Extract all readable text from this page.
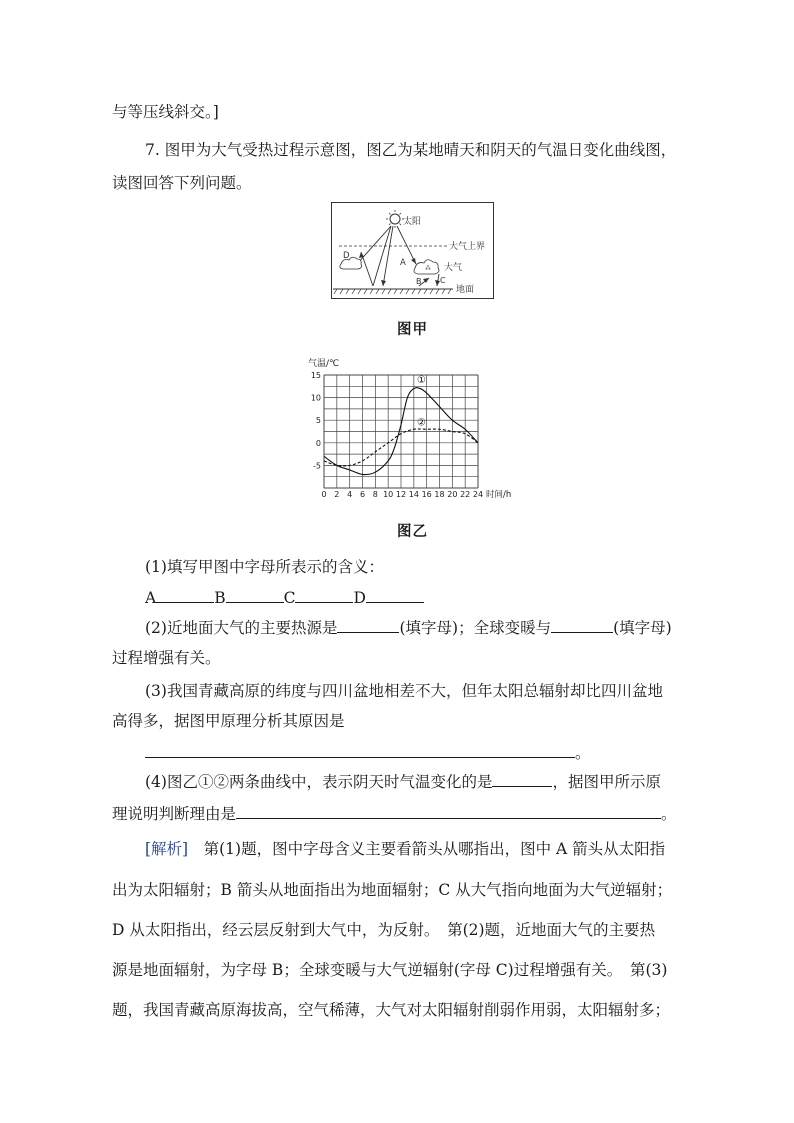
与等压线斜交。]
7. 图甲为大气受热过程示意图，图乙为某地晴天和阴天的气温日变化曲线图，
读图回答下列问题。
太阳
大气上界
⁂
D
A
B C
大气
地面
图甲
气温/℃
时间/h
0 2 4 6 8 10 12 14 16 18 20 22 24
15
10
5
0
-5
①
②
图乙
(1)填写甲图中字母所表示的含义：
A	B	C	D
(2)近地面大气的主要热源是	(填字母)；全球变暖与	(填字母)
过程增强有关。
(3)我国青藏高原的纬度与四川盆地相差不大，但年太阳总辐射却比四川盆地
高得多，据图甲原理分析其原因是
。
(4)图乙①②两条曲线中，表示阴天时气温变化的是	，据图甲所示原
理说明判断理由是	。
[解析]　第(1)题，图中字母含义主要看箭头从哪指出，图中 A 箭头从太阳指
出为太阳辐射；B 箭头从地面指出为地面辐射；C 从大气指向地面为大气逆辐射；
D 从太阳指出，经云层反射到大气中，为反射。　第(2)题，近地面大气的主要热
源是地面辐射，为字母 B；全球变暖与大气逆辐射(字母 C)过程增强有关。　第(3)
题，我国青藏高原海拔高，空气稀薄，大气对太阳辐射削弱作用弱，太阳辐射多；
